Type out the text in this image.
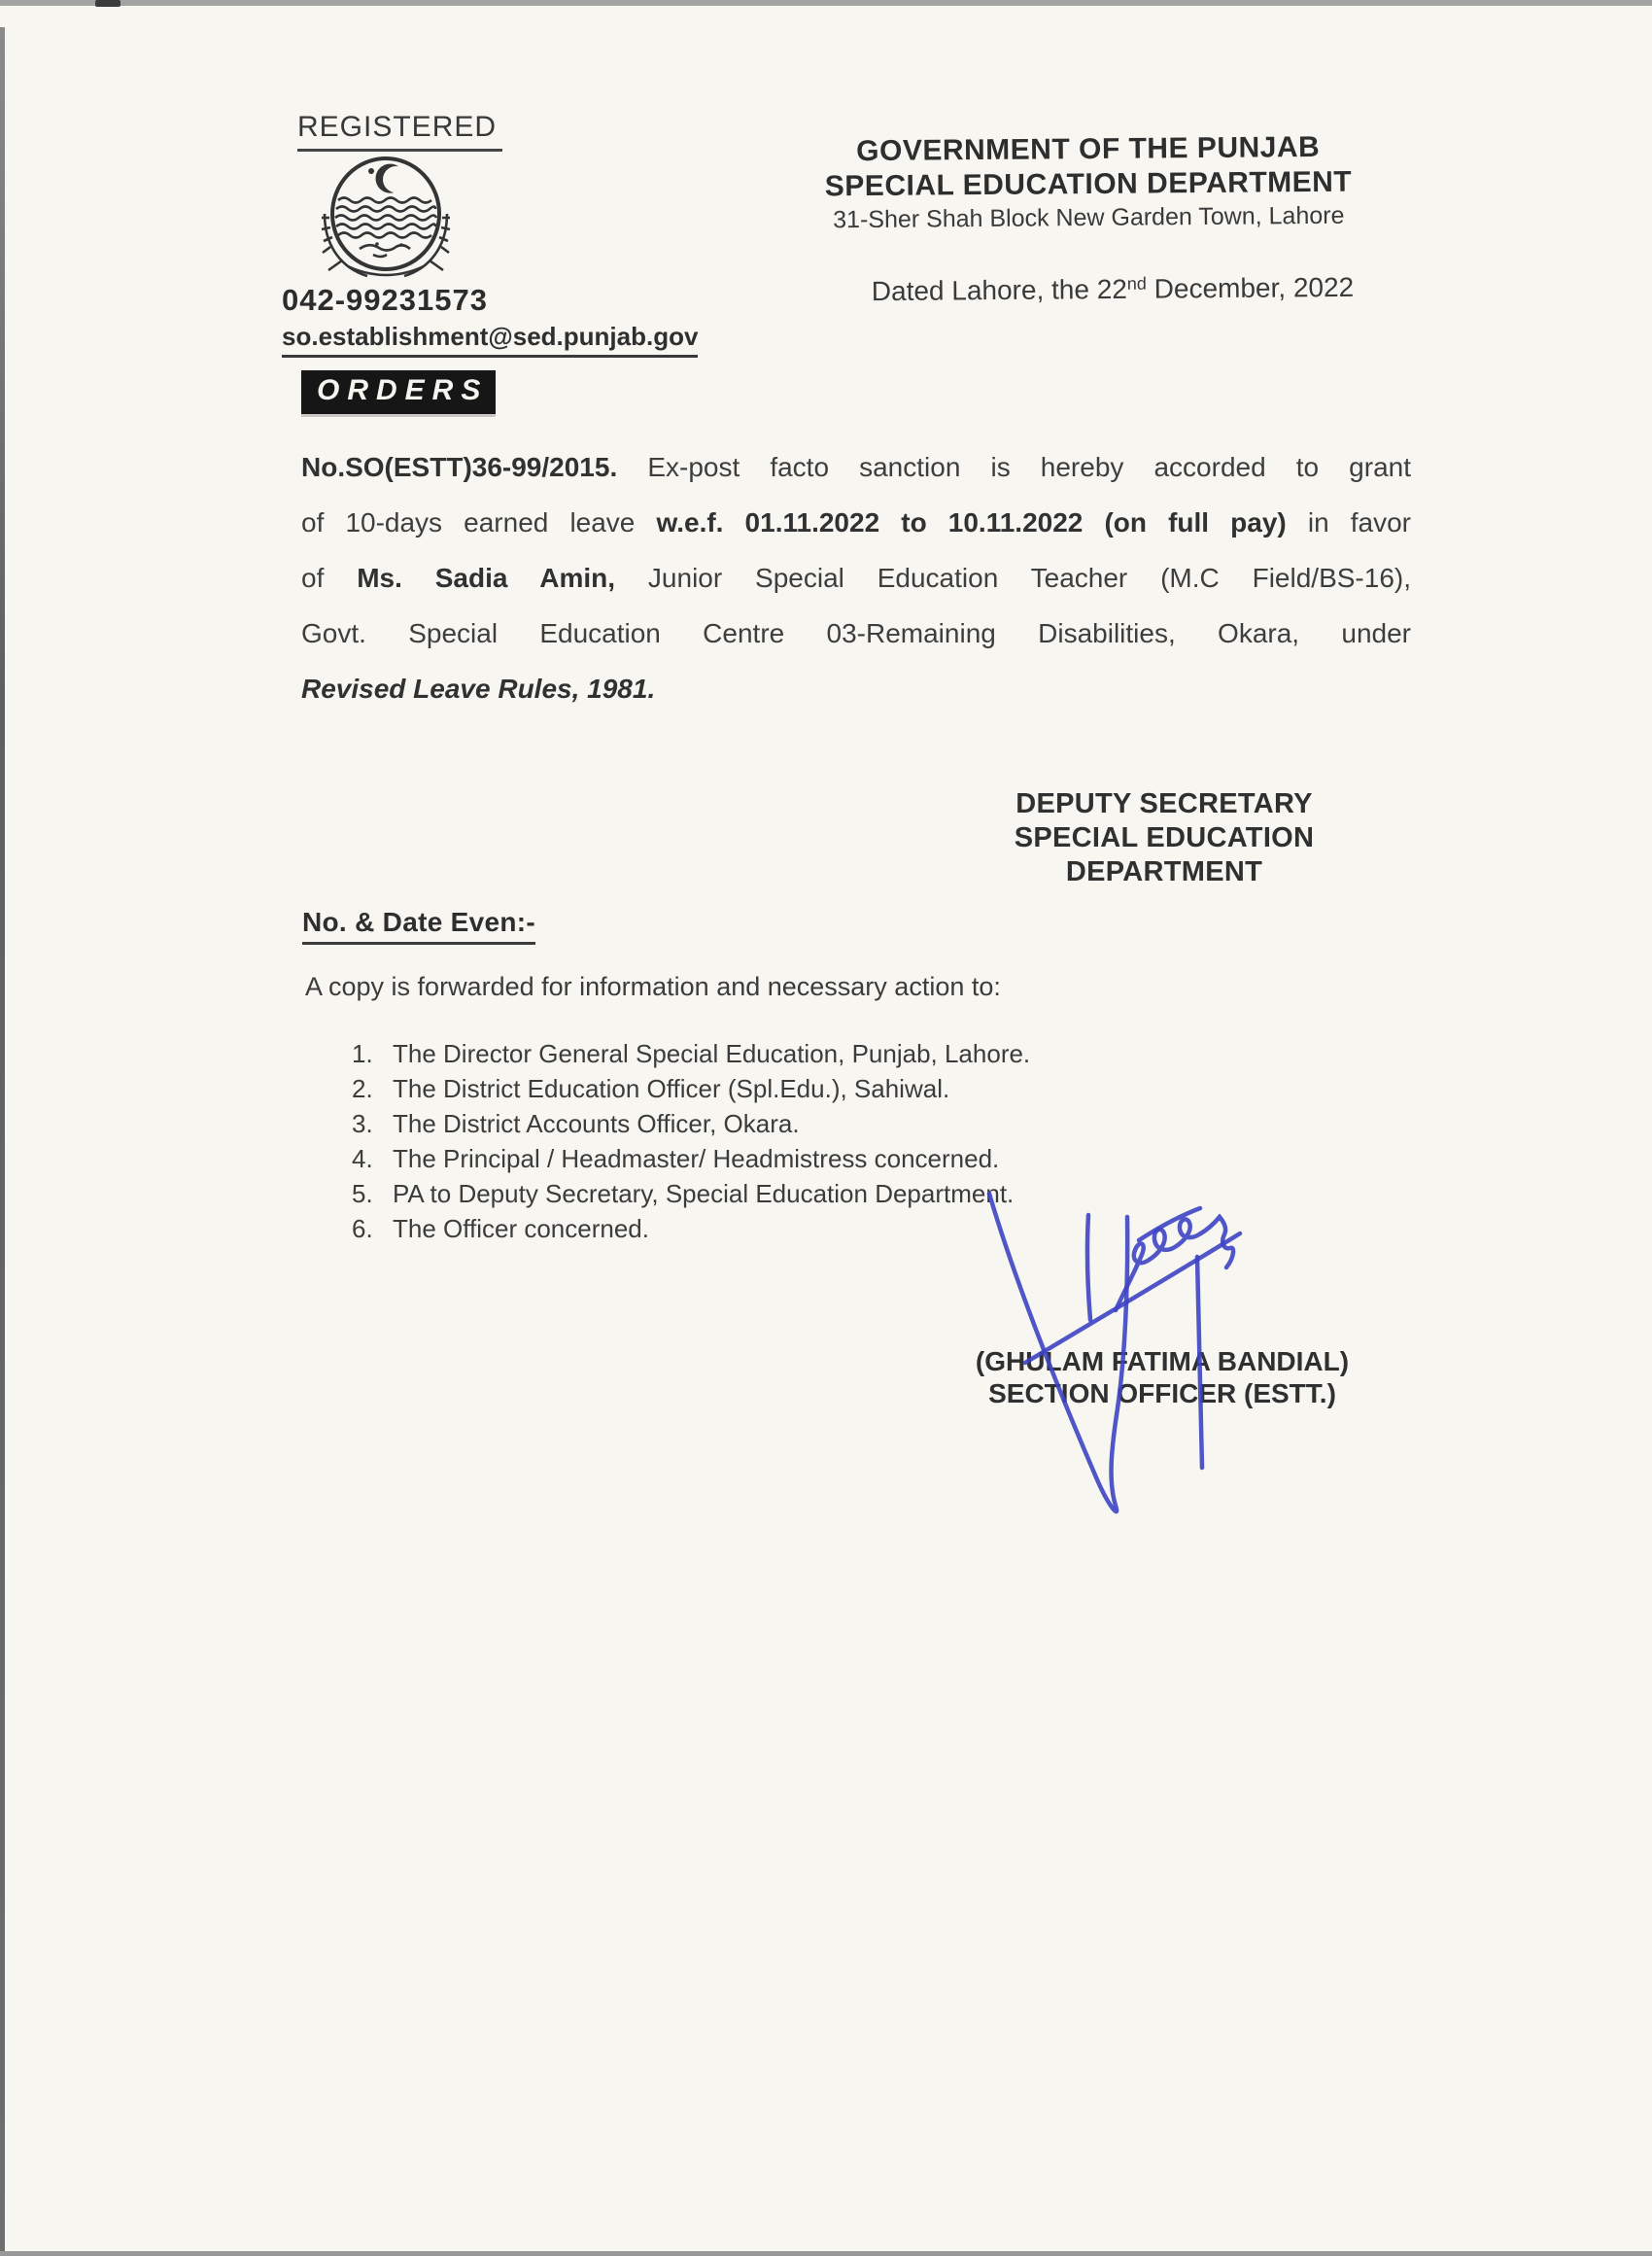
REGISTERED
042-99231573
so.establishment@sed.punjab.gov
GOVERNMENT OF THE PUNJAB
SPECIAL EDUCATION DEPARTMENT
31-Sher Shah Block New Garden Town, Lahore
Dated Lahore, the 22nd December, 2022
ORDERS
No.SO(ESTT)36-99/2015. Ex-post facto sanction is hereby accorded to grant
of 10-days earned leave w.e.f. 01.11.2022 to 10.11.2022 (on full pay) in favor
of Ms. Sadia Amin, Junior Special Education Teacher (M.C Field/BS-16),
Govt. Special Education Centre 03-Remaining Disabilities, Okara, under
Revised Leave Rules, 1981.
DEPUTY SECRETARY
SPECIAL EDUCATION
DEPARTMENT
No. & Date Even:-
A copy is forwarded for information and necessary action to:
1. The Director General Special Education, Punjab, Lahore.
2. The District Education Officer (Spl.Edu.), Sahiwal.
3. The District Accounts Officer, Okara.
4. The Principal / Headmaster/ Headmistress concerned.
5. PA to Deputy Secretary, Special Education Department.
6. The Officer concerned.
(GHULAM FATIMA BANDIAL)
SECTION OFFICER (ESTT.)
